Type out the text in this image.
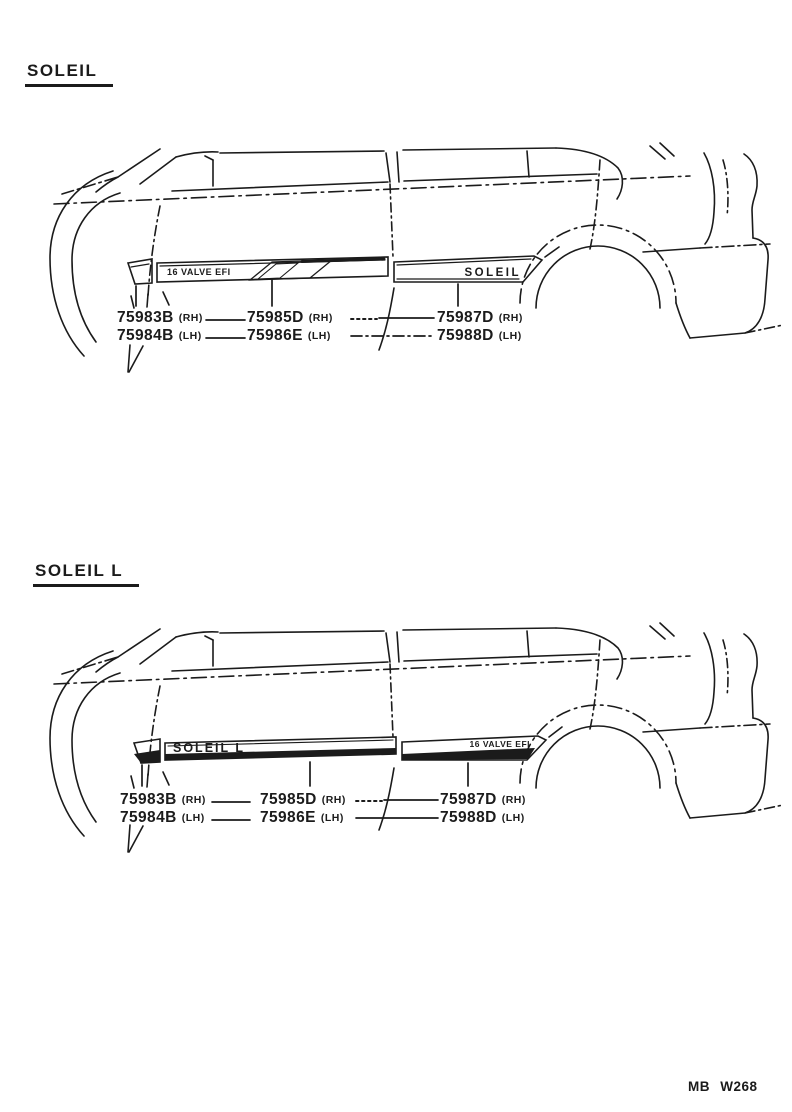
SOLEIL
SOLEIL L
16 VALVE EFI	SOLEIL
SOLEIL L	16 VALVE EFI
75983B (RH)	75985D (RH)	75987D (RH)
75984B (LH)	75986E (LH)	75988D (LH)
75983B (RH)	75985D (RH)	75987D (RH)
75984B (LH)	75986E (LH)	75988D (LH)
MB W268
